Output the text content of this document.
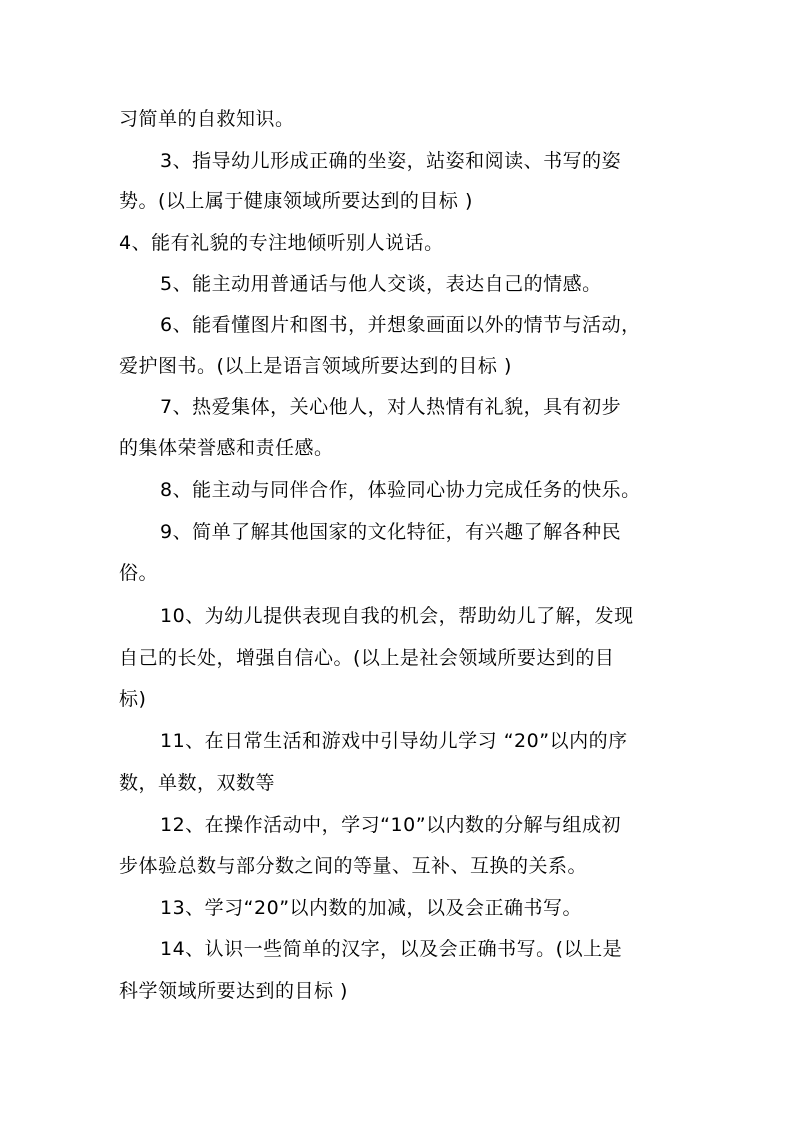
习简单的自救知识。

3、指导幼儿形成正确的坐姿，站姿和阅读、书写的姿

势。(以上属于健康领域所要达到的目标 )

4、能有礼貌的专注地倾听别人说话。

5、能主动用普通话与他人交谈，表达自己的情感。

6、能看懂图片和图书，并想象画面以外的情节与活动，

爱护图书。(以上是语言领域所要达到的目标 )

7、热爱集体，关心他人，对人热情有礼貌，具有初步

的集体荣誉感和责任感。

8、能主动与同伴合作，体验同心协力完成任务的快乐。

9、简单了解其他国家的文化特征，有兴趣了解各种民

俗。

10、为幼儿提供表现自我的机会，帮助幼儿了解，发现

自己的长处，增强自信心。(以上是社会领域所要达到的目

标)

11、在日常生活和游戏中引导幼儿学习 “20”以内的序

数，单数，双数等

12、在操作活动中，学习“10”以内数的分解与组成初

步体验总数与部分数之间的等量、互补、互换的关系。

13、学习“20”以内数的加减，以及会正确书写。

14、认识一些简单的汉字，以及会正确书写。(以上是

科学领域所要达到的目标 )
